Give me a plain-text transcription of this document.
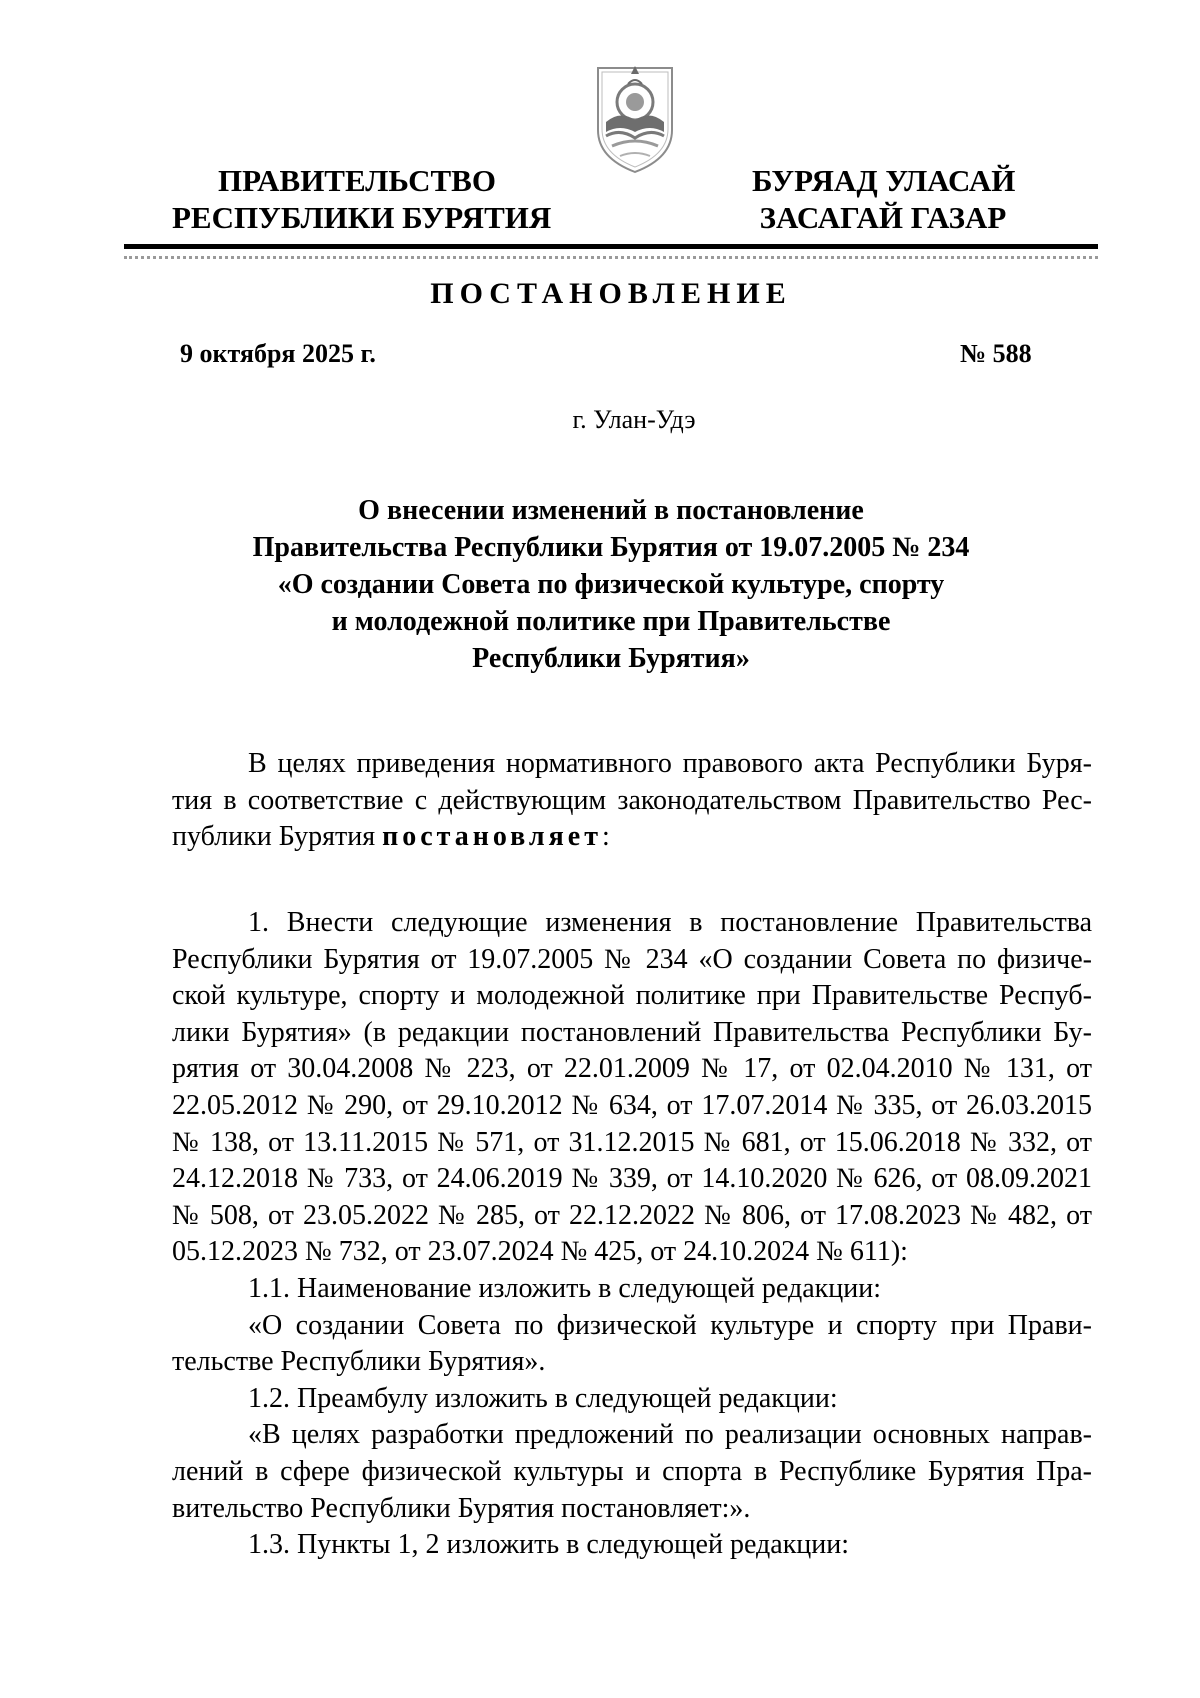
ПРАВИТЕЛЬСТВО
РЕСПУБЛИКИ БУРЯТИЯ
БУРЯАД УЛАСАЙ
ЗАСАГАЙ ГАЗАР
ПОСТАНОВЛЕНИЕ
9 октября 2025 г.	№ 588
г. Улан-Удэ
О внесении изменений в постановление
Правительства Республики Бурятия от 19.07.2005 № 234
«О создании Совета по физической культуре, спорту
и молодежной политике при Правительстве
Республики Бурятия»
В целях приведения нормативного правового акта Республики Буря-
тия в соответствие с действующим законодательством Правительство Рес-
публики Бурятия постановляет:
1. Внести следующие изменения в постановление Правительства
Республики Бурятия от 19.07.2005 № 234 «О создании Совета по физиче-
ской культуре, спорту и молодежной политике при Правительстве Респуб-
лики Бурятия» (в редакции постановлений Правительства Республики Бу-
рятия от 30.04.2008 № 223, от 22.01.2009 № 17, от 02.04.2010 № 131, от
22.05.2012 № 290, от 29.10.2012 № 634, от 17.07.2014 № 335, от 26.03.2015
№ 138, от 13.11.2015 № 571, от 31.12.2015 № 681, от 15.06.2018 № 332, от
24.12.2018 № 733, от 24.06.2019 № 339, от 14.10.2020 № 626, от 08.09.2021
№ 508, от 23.05.2022 № 285, от 22.12.2022 № 806, от 17.08.2023 № 482, от
05.12.2023 № 732, от 23.07.2024 № 425, от 24.10.2024 № 611):
1.1. Наименование изложить в следующей редакции:
«О создании Совета по физической культуре и спорту при Прави-
тельстве Республики Бурятия».
1.2. Преамбулу изложить в следующей редакции:
«В целях разработки предложений по реализации основных направ-
лений в сфере физической культуры и спорта в Республике Бурятия Пра-
вительство Республики Бурятия постановляет:».
1.3. Пункты 1, 2 изложить в следующей редакции:
